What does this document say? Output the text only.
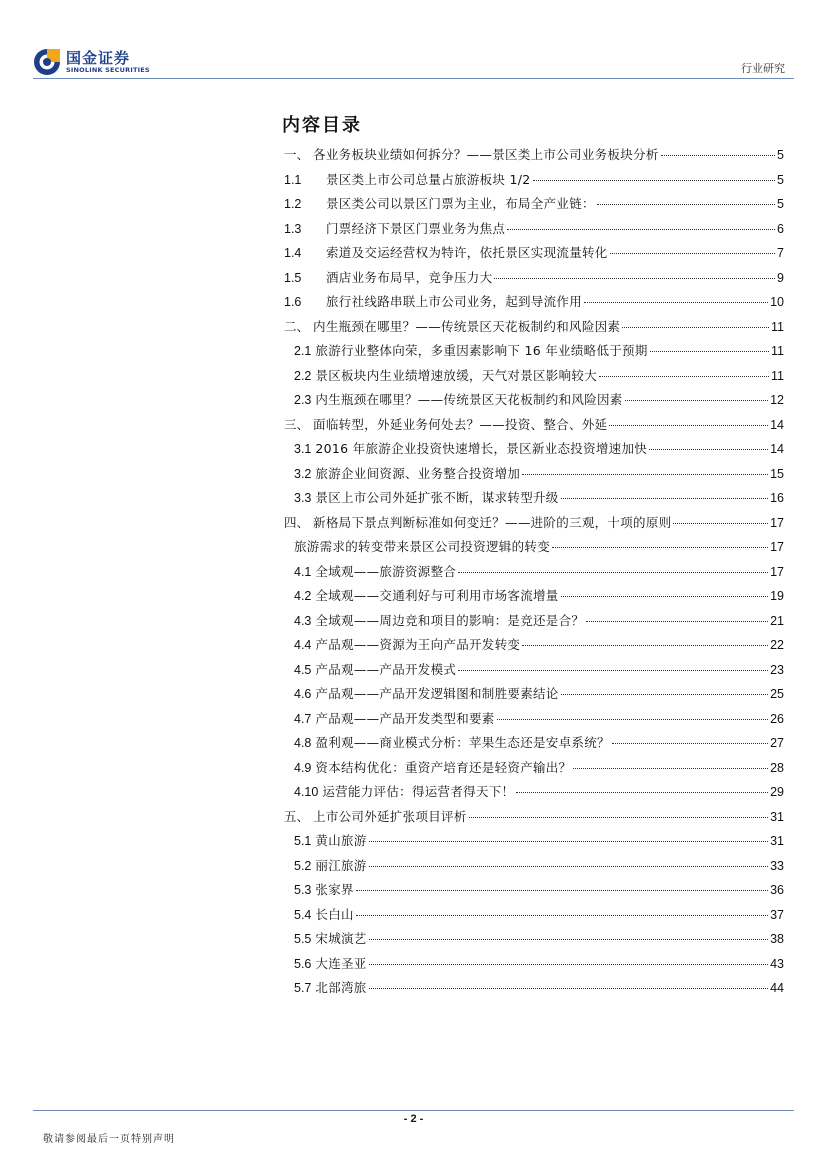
国金证券
SINOLINK SECURITIES	行业研究
内容目录
一、 各业务板块业绩如何拆分？——景区类上市公司业务板块分析	5
1.1	景区类上市公司总量占旅游板块 1/2	5
1.2	景区类公司以景区门票为主业，布局全产业链：	5
1.3	门票经济下景区门票业务为焦点	6
1.4	索道及交运经营权为特许，依托景区实现流量转化	7
1.5	酒店业务布局早，竞争压力大	9
1.6	旅行社线路串联上市公司业务，起到导流作用	10
二、 内生瓶颈在哪里？——传统景区天花板制约和风险因素	11
2.1 旅游行业整体向荣，多重因素影响下 16 年业绩略低于预期	11
2.2 景区板块内生业绩增速放缓，天气对景区影响较大	11
2.3 内生瓶颈在哪里？——传统景区天花板制约和风险因素	12
三、 面临转型，外延业务何处去？——投资、整合、外延	14
3.1 2016 年旅游企业投资快速增长，景区新业态投资增速加快	14
3.2 旅游企业间资源、业务整合投资增加	15
3.3 景区上市公司外延扩张不断，谋求转型升级	16
四、 新格局下景点判断标准如何变迁？——进阶的三观，十项的原则	17
旅游需求的转变带来景区公司投资逻辑的转变	17
4.1 全域观——旅游资源整合	17
4.2 全域观——交通利好与可利用市场客流增量	19
4.3 全域观——周边竞和项目的影响：是竞还是合？	21
4.4 产品观——资源为王向产品开发转变	22
4.5 产品观——产品开发模式	23
4.6 产品观——产品开发逻辑图和制胜要素结论	25
4.7 产品观——产品开发类型和要素	26
4.8 盈利观——商业模式分析：苹果生态还是安卓系统？	27
4.9 资本结构优化：重资产培育还是轻资产输出？	28
4.10 运营能力评估：得运营者得天下！	29
五、 上市公司外延扩张项目评析	31
5.1 黄山旅游	31
5.2 丽江旅游	33
5.3 张家界	36
5.4 长白山	37
5.5 宋城演艺	38
5.6 大连圣亚	43
5.7 北部湾旅	44
- 2 -
敬请参阅最后一页特别声明
